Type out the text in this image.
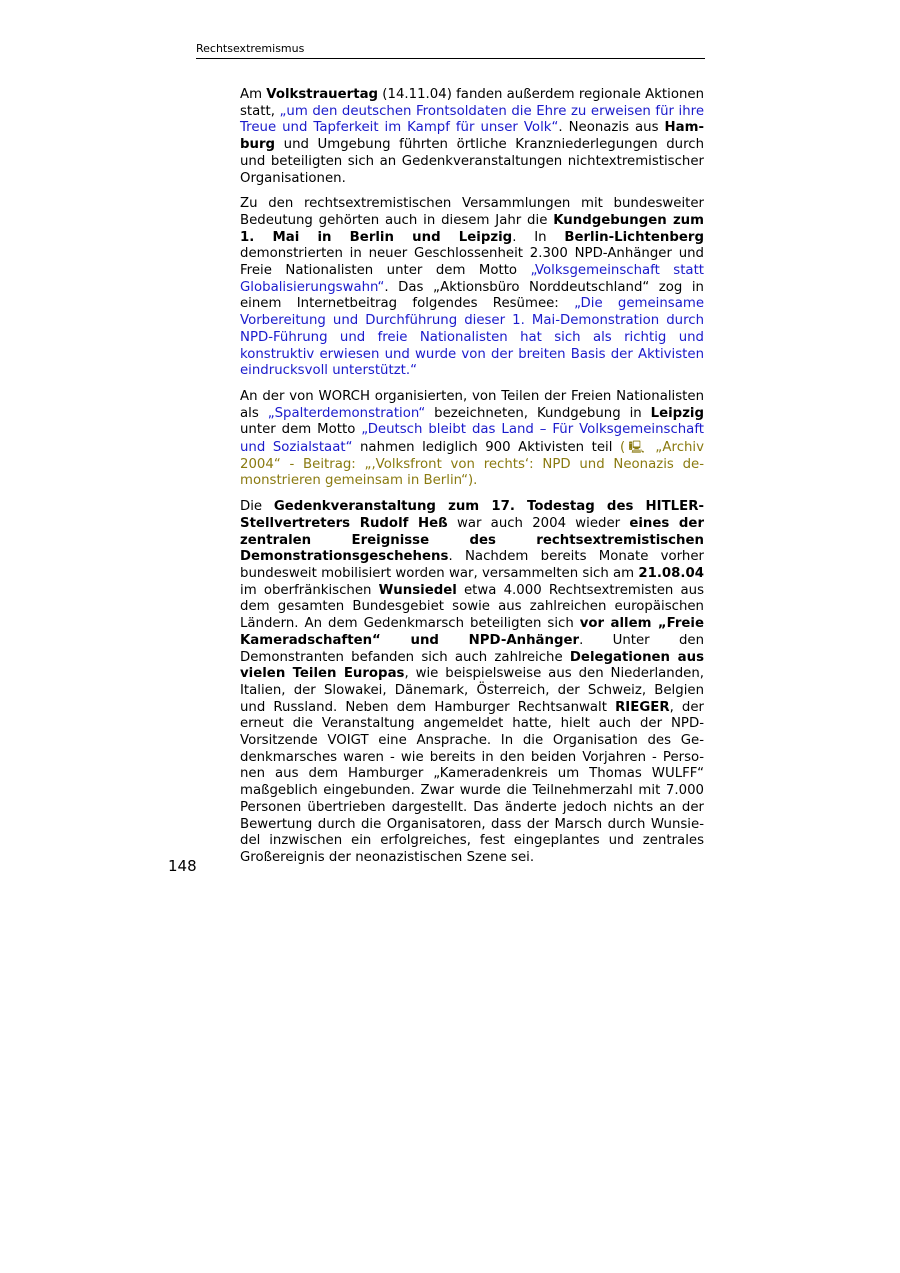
Rechtsextremismus

Am Volkstrauertag (14.11.04) fanden außerdem regionale Aktionen statt, „um den deutschen Frontsoldaten die Ehre zu erweisen für ihre Treue und Tapferkeit im Kampf für unser Volk“. Neonazis aus Hamburg und Umgebung führten örtliche Kranzniederlegungen durch und beteiligten sich an Gedenkveranstaltungen nichtextremistischer Organisationen.

Zu den rechtsextremistischen Versammlungen mit bundesweiter Bedeutung gehörten auch in diesem Jahr die Kundgebungen zum 1. Mai in Berlin und Leipzig. In Berlin-Lichtenberg demonstrierten in neuer Geschlossenheit 2.300 NPD-Anhänger und Freie Nationalisten unter dem Motto „Volksgemeinschaft statt Globalisierungswahn“. Das „Aktionsbüro Norddeutschland“ zog in einem Internetbeitrag folgendes Resümee: „Die gemeinsame Vorbereitung und Durchführung dieser 1. Mai-Demonstration durch NPD-Führung und freie Nationalisten hat sich als richtig und konstruktiv erwiesen und wurde von der breiten Basis der Aktivisten eindrucksvoll unterstützt.“

An der von WORCH organisierten, von Teilen der Freien Nationalisten als „Spalterdemonstration“ bezeichneten, Kundgebung in Leipzig unter dem Motto „Deutsch bleibt das Land – Für Volksgemeinschaft und Sozialstaat“ nahmen lediglich 900 Aktivisten teil (🖳 „Archiv 2004“ - Beitrag: „‚Volksfront von rechts‘: NPD und Neonazis demonstrieren gemeinsam in Berlin“).

Die Gedenkveranstaltung zum 17. Todestag des HITLER-Stellvertreters Rudolf Heß war auch 2004 wieder eines der zentralen Ereignisse des rechtsextremistischen Demonstrationsgeschehens. Nachdem bereits Monate vorher bundesweit mobilisiert worden war, versammelten sich am 21.08.04 im oberfränkischen Wunsiedel etwa 4.000 Rechtsextremisten aus dem gesamten Bundesgebiet sowie aus zahlreichen europäischen Ländern. An dem Gedenkmarsch beteiligten sich vor allem „Freie Kameradschaften“ und NPD-Anhänger. Unter den Demonstranten befanden sich auch zahlreiche Delegationen aus vielen Teilen Europas, wie beispielsweise aus den Niederlanden, Italien, der Slowakei, Dänemark, Österreich, der Schweiz, Belgien und Russland. Neben dem Hamburger Rechtsanwalt RIEGER, der erneut die Veranstaltung angemeldet hatte, hielt auch der NPD-Vorsitzende VOIGT eine Ansprache. In die Organisation des Gedenkmarsches waren - wie bereits in den beiden Vorjahren - Personen aus dem Hamburger „Kameradenkreis um Thomas WULFF“ maßgeblich eingebunden. Zwar wurde die Teilnehmerzahl mit 7.000 Personen übertrieben dargestellt. Das änderte jedoch nichts an der Bewertung durch die Organisatoren, dass der Marsch durch Wunsiedel inzwischen ein erfolgreiches, fest eingeplantes und zentrales Großereignis der neonazistischen Szene sei.

148
